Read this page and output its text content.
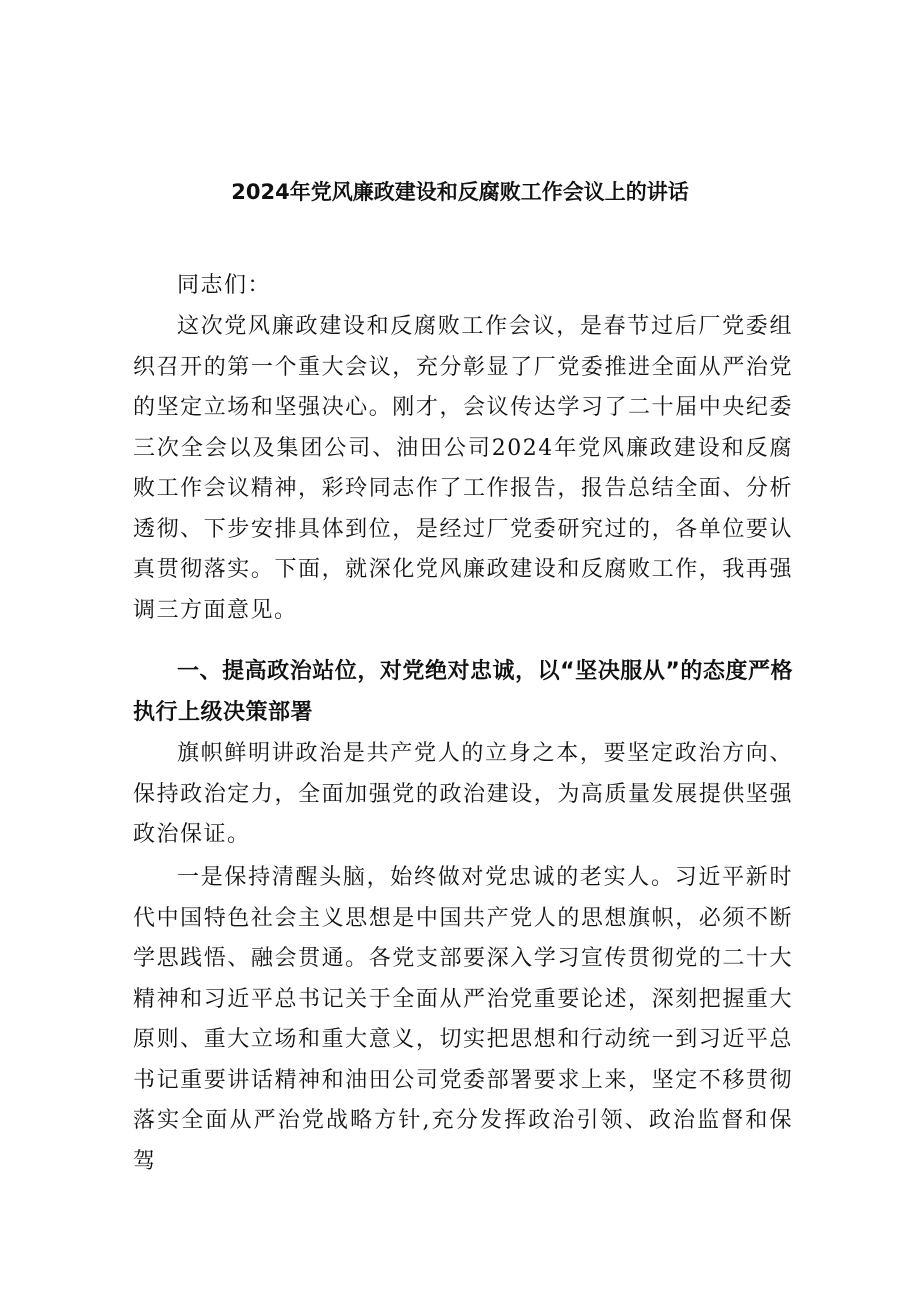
2024年党风廉政建设和反腐败工作会议上的讲话

同志们：

这次党风廉政建设和反腐败工作会议，是春节过后厂党委组织召开的第一个重大会议，充分彰显了厂党委推进全面从严治党的坚定立场和坚强决心。刚才，会议传达学习了二十届中央纪委三次全会以及集团公司、油田公司2024年党风廉政建设和反腐败工作会议精神，彩玲同志作了工作报告，报告总结全面、分析透彻、下步安排具体到位，是经过厂党委研究过的，各单位要认真贯彻落实。下面，就深化党风廉政建设和反腐败工作，我再强调三方面意见。

一、提高政治站位，对党绝对忠诚，以“坚决服从”的态度严格执行上级决策部署

旗帜鲜明讲政治是共产党人的立身之本，要坚定政治方向、保持政治定力，全面加强党的政治建设，为高质量发展提供坚强政治保证。

一是保持清醒头脑，始终做对党忠诚的老实人。习近平新时代中国特色社会主义思想是中国共产党人的思想旗帜，必须不断学思践悟、融会贯通。各党支部要深入学习宣传贯彻党的二十大精神和习近平总书记关于全面从严治党重要论述，深刻把握重大原则、重大立场和重大意义，切实把思想和行动统一到习近平总书记重要讲话精神和油田公司党委部署要求上来，坚定不移贯彻落实全面从严治党战略方针,充分发挥政治引领、政治监督和保驾
